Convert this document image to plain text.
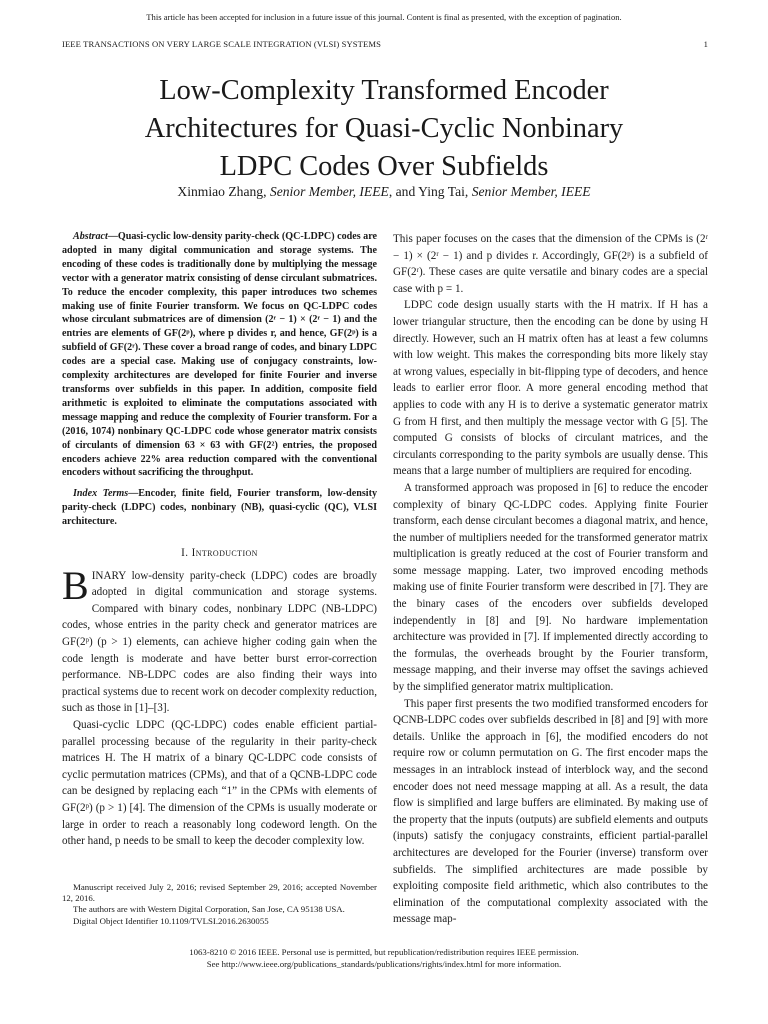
This article has been accepted for inclusion in a future issue of this journal. Content is final as presented, with the exception of pagination.
IEEE TRANSACTIONS ON VERY LARGE SCALE INTEGRATION (VLSI) SYSTEMS	1
Low-Complexity Transformed Encoder
Architectures for Quasi-Cyclic Nonbinary
LDPC Codes Over Subfields
Xinmiao Zhang, Senior Member, IEEE, and Ying Tai, Senior Member, IEEE

Abstract—Quasi-cyclic low-density parity-check (QC-LDPC) codes are adopted in many digital communication and storage systems. The encoding of these codes is traditionally done by multiplying the message vector with a generator matrix consisting of dense circulant submatrices. To reduce the encoder complexity, this paper introduces two schemes making use of finite Fourier transform. We focus on QC-LDPC codes whose circulant submatrices are of dimension (2ʳ − 1) × (2ʳ − 1) and the entries are elements of GF(2ᵖ), where p divides r, and hence, GF(2ᵖ) is a subfield of GF(2ʳ). These cover a broad range of codes, and binary LDPC codes are a special case. Making use of conjugacy constraints, low-complexity architectures are developed for finite Fourier and inverse transforms over subfields in this paper. In addition, composite field arithmetic is exploited to eliminate the computations associated with message mapping and reduce the complexity of Fourier transform. For a (2016, 1074) nonbinary QC-LDPC code whose generator matrix consists of circulants of dimension 63 × 63 with GF(2²) entries, the proposed encoders achieve 22% area reduction compared with the conventional encoders without sacrificing the throughput.

Index Terms—Encoder, finite field, Fourier transform, low-density parity-check (LDPC) codes, nonbinary (NB), quasi-cyclic (QC), VLSI architecture.

I. Introduction

BINARY low-density parity-check (LDPC) codes are broadly adopted in digital communication and storage systems. Compared with binary codes, nonbinary LDPC (NB-LDPC) codes, whose entries in the parity check and generator matrices are GF(2ᵖ) (p > 1) elements, can achieve higher coding gain when the code length is moderate and have better burst error-correction performance. NB-LDPC codes are also finding their ways into practical systems due to recent work on decoder complexity reduction, such as those in [1]–[3].

Quasi-cyclic LDPC (QC-LDPC) codes enable efficient partial-parallel processing because of the regularity in their parity-check matrices H. The H matrix of a binary QC-LDPC code consists of cyclic permutation matrices (CPMs), and that of a QCNB-LDPC code can be designed by replacing each “1” in the CPMs with elements of GF(2ᵖ) (p > 1) [4]. The dimension of the CPMs is usually moderate or large in order to reach a reasonably long codeword length. On the other hand, p needs to be small to keep the decoder complexity low.

Manuscript received July 2, 2016; revised September 29, 2016; accepted November 12, 2016.

The authors are with Western Digital Corporation, San Jose, CA 95138 USA.

Digital Object Identifier 10.1109/TVLSI.2016.2630055

This paper focuses on the cases that the dimension of the CPMs is (2ʳ − 1) × (2ʳ − 1) and p divides r. Accordingly, GF(2ᵖ) is a subfield of GF(2ʳ). These cases are quite versatile and binary codes are a special case with p = 1.

LDPC code design usually starts with the H matrix. If H has a lower triangular structure, then the encoding can be done by using H directly. However, such an H matrix often has at least a few columns with low weight. This makes the corresponding bits more likely stay at wrong values, especially in bit-flipping type of decoders, and hence leads to earlier error floor. A more general encoding method that applies to code with any H is to derive a systematic generator matrix G from H first, and then multiply the message vector with G [5]. The computed G consists of blocks of circulant matrices, and the circulants corresponding to the parity symbols are usually dense. This means that a large number of multipliers are required for encoding.

A transformed approach was proposed in [6] to reduce the encoder complexity of binary QC-LDPC codes. Applying finite Fourier transform, each dense circulant becomes a diagonal matrix, and hence, the number of multipliers needed for the transformed generator matrix multiplication is greatly reduced at the cost of Fourier transform and some message mapping. Later, two improved encoding methods making use of finite Fourier transform were described in [7]. They are the binary cases of the encoders over subfields developed independently in [8] and [9]. No hardware implementation architecture was provided in [7]. If implemented directly according to the formulas, the overheads brought by the Fourier transform, message mapping, and their inverse may offset the savings achieved by the simplified generator matrix multiplication.

This paper first presents the two modified transformed encoders for QCNB-LDPC codes over subfields described in [8] and [9] with more details. Unlike the approach in [6], the modified encoders do not require row or column permutation on G. The first encoder maps the messages in an intrablock instead of interblock way, and the second encoder does not need message mapping at all. As a result, the data flow is simplified and large buffers are eliminated. By making use of the property that the inputs (outputs) are subfield elements and outputs (inputs) satisfy the conjugacy constraints, efficient partial-parallel architectures are developed for the Fourier (inverse) transform over subfields. The simplified architectures are made possible by exploiting composite field arithmetic, which also contributes to the elimination of the computational complexity associated with the message map-

1063-8210 © 2016 IEEE. Personal use is permitted, but republication/redistribution requires IEEE permission.
See http://www.ieee.org/publications_standards/publications/rights/index.html for more information.
